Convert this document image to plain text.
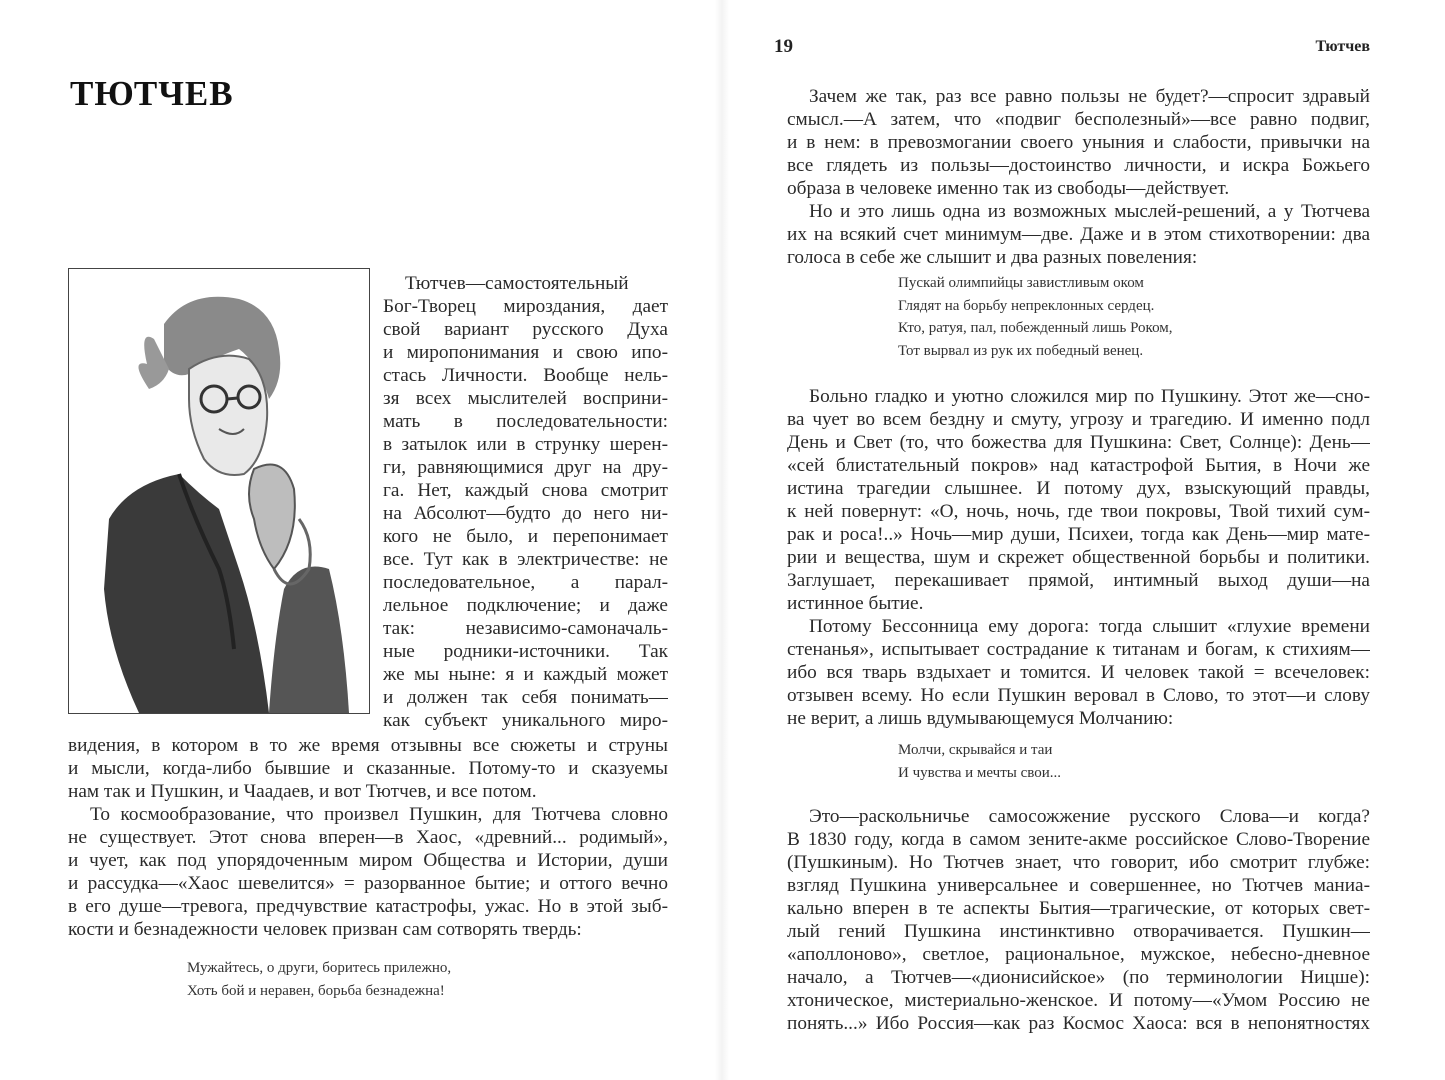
ТЮТЧЕВ
Тютчев—самостоятельный
Бог-Творец мироздания, дает
свой вариант русского Духа
и миропонимания и свою ипо-
стась Личности. Вообще нель-
зя всех мыслителей восприни-
мать в последовательности:
в затылок или в струнку шерен-
ги, равняющимися друг на дру-
га. Нет, каждый снова смотрит
на Абсолют—будто до него ни-
кого не было, и перепонимает
все. Тут как в электричестве: не
последовательное, а парал-
лельное подключение; и даже
так: независимо-самоначаль-
ные родники-источники. Так
же мы ныне: я и каждый может
и должен так себя понимать—
как субъект уникального миро-
видения, в котором в то же время отзывны все сюжеты и струны
и мысли, когда-либо бывшие и сказанные. Потому-то и сказуемы
нам так и Пушкин, и Чаадаев, и вот Тютчев, и все потом.
То космообразование, что произвел Пушкин, для Тютчева словно
не существует. Этот снова вперен—в Хаос, «древний... родимый»,
и чует, как под упорядоченным миром Общества и Истории, души
и рассудка—«Хаос шевелится» = разорванное бытие; и оттого вечно
в его душе—тревога, предчувствие катастрофы, ужас. Но в этой зыб-
кости и безнадежности человек призван сам сотворять твердь:
Мужайтесь, о други, боритесь прилежно,
Хоть бой и неравен, борьба безнадежна!
19	Тютчев
Зачем же так, раз все равно пользы не будет?—спросит здравый
смысл.—А затем, что «подвиг бесполезный»—все равно подвиг,
и в нем: в превозмогании своего уныния и слабости, привычки на
все глядеть из пользы—достоинство личности, и искра Божьего
образа в человеке именно так из свободы—действует.
Но и это лишь одна из возможных мыслей-решений, а у Тютчева
их на всякий счет минимум—две. Даже и в этом стихотворении: два
голоса в себе же слышит и два разных повеления:
Пускай олимпийцы завистливым оком
Глядят на борьбу непреклонных сердец.
Кто, ратуя, пал, побежденный лишь Роком,
Тот вырвал из рук их победный венец.
Больно гладко и уютно сложился мир по Пушкину. Этот же—сно-
ва чует во всем бездну и смуту, угрозу и трагедию. И именно подл
День и Свет (то, что божества для Пушкина: Свет, Солнце): День—
«сей блистательный покров» над катастрофой Бытия, в Ночи же
истина трагедии слышнее. И потому дух, взыскующий правды,
к ней повернут: «О, ночь, ночь, где твои покровы, Твой тихий сум-
рак и роса!..» Ночь—мир души, Психеи, тогда как День—мир мате-
рии и вещества, шум и скрежет общественной борьбы и политики.
Заглушает, перекашивает прямой, интимный выход души—на
истинное бытие.
Потому Бессонница ему дорога: тогда слышит «глухие времени
стенанья», испытывает сострадание к титанам и богам, к стихиям—
ибо вся тварь вздыхает и томится. И человек такой = всечеловек:
отзывен всему. Но если Пушкин веровал в Слово, то этот—и слову
не верит, а лишь вдумывающемуся Молчанию:
Молчи, скрывайся и таи
И чувства и мечты свои...
Это—раскольничье самосожжение русского Слова—и когда?
В 1830 году, когда в самом зените-акме российское Слово-Творение
(Пушкиным). Но Тютчев знает, что говорит, ибо смотрит глубже:
взгляд Пушкина универсальнее и совершеннее, но Тютчев маниа-
кально вперен в те аспекты Бытия—трагические, от которых свет-
лый гений Пушкина инстинктивно отворачивается. Пушкин—
«аполлоново», светлое, рациональное, мужское, небесно-дневное
начало, а Тютчев—«дионисийское» (по терминологии Ницше):
хтоническое, мистериально-женское. И потому—«Умом Россию не
понять...» Ибо Россия—как раз Космос Хаоса: вся в непонятностях
